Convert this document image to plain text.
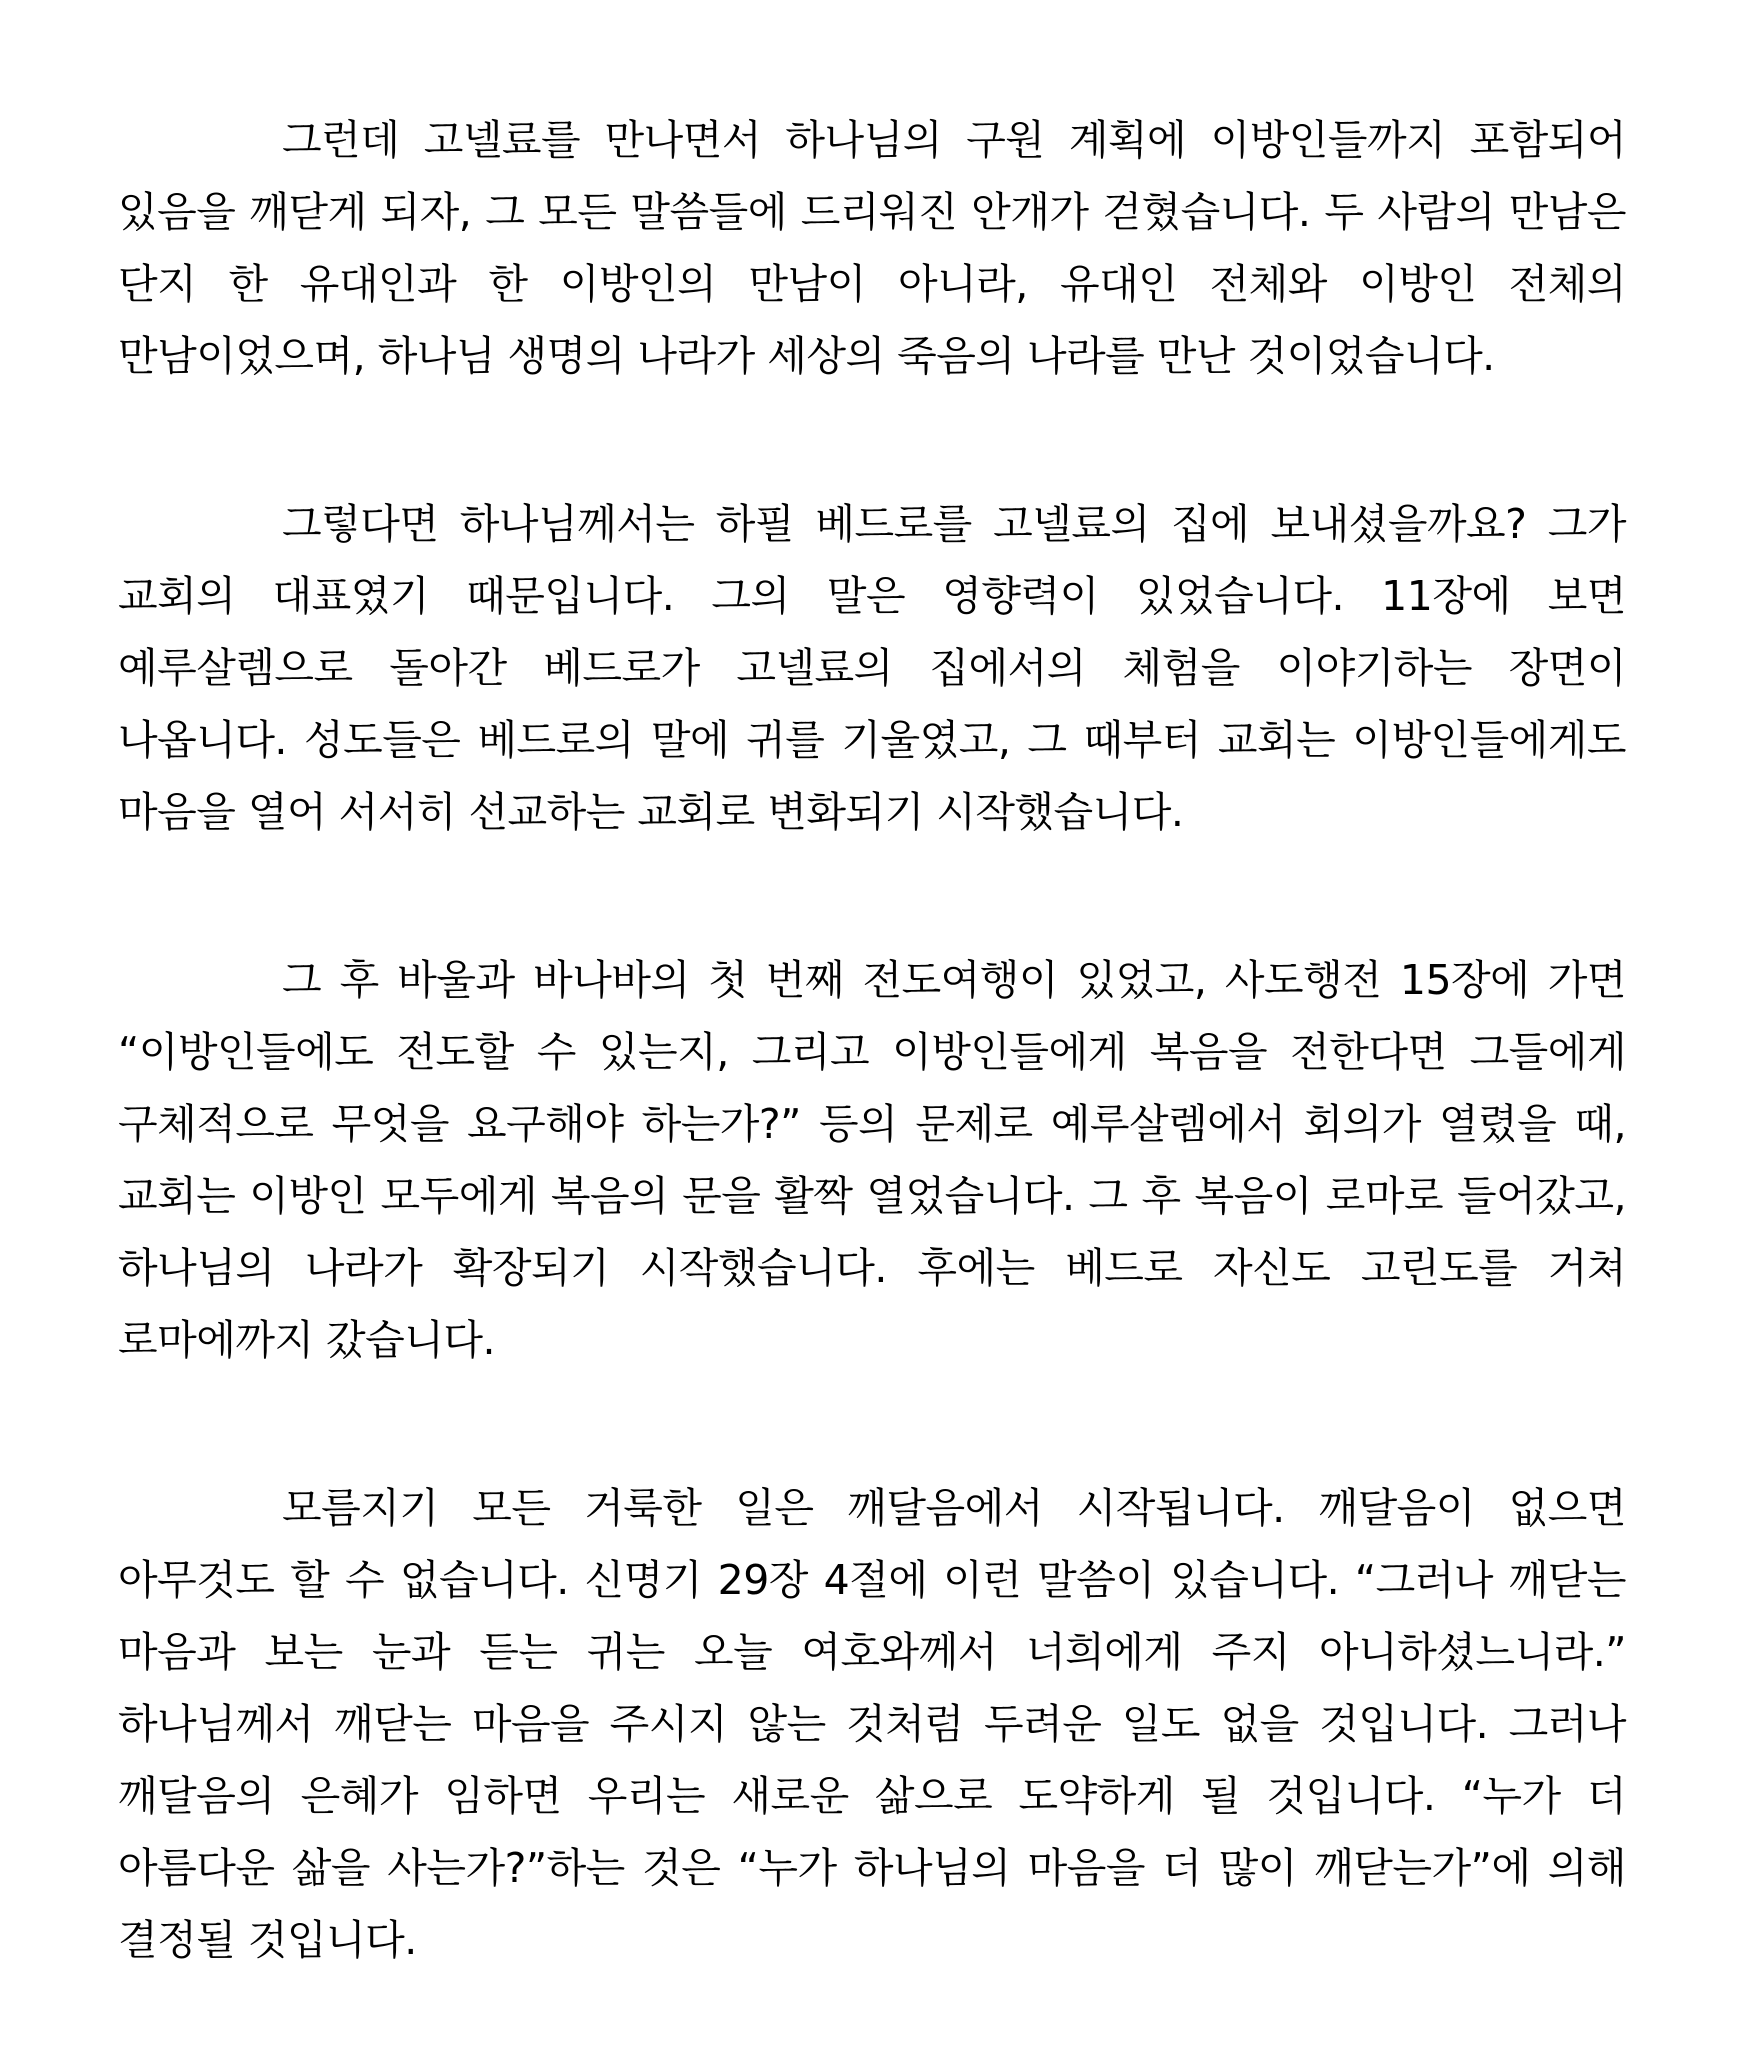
그런데 고넬료를 만나면서 하나님의 구원 계획에 이방인들까지 포함되어 있음을 깨닫게 되자, 그 모든 말씀들에 드리워진 안개가 걷혔습니다. 두 사람의 만남은 단지 한 유대인과 한 이방인의 만남이 아니라, 유대인 전체와 이방인 전체의 만남이었으며, 하나님 생명의 나라가 세상의 죽음의 나라를 만난 것이었습니다.

그렇다면 하나님께서는 하필 베드로를 고넬료의 집에 보내셨을까요? 그가 교회의 대표였기 때문입니다. 그의 말은 영향력이 있었습니다. 11장에 보면 예루살렘으로 돌아간 베드로가 고넬료의 집에서의 체험을 이야기하는 장면이 나옵니다. 성도들은 베드로의 말에 귀를 기울였고, 그 때부터 교회는 이방인들에게도 마음을 열어 서서히 선교하는 교회로 변화되기 시작했습니다.

그 후 바울과 바나바의 첫 번째 전도여행이 있었고, 사도행전 15장에 가면 “이방인들에도 전도할 수 있는지, 그리고 이방인들에게 복음을 전한다면 그들에게 구체적으로 무엇을 요구해야 하는가?” 등의 문제로 예루살렘에서 회의가 열렸을 때, 교회는 이방인 모두에게 복음의 문을 활짝 열었습니다. 그 후 복음이 로마로 들어갔고, 하나님의 나라가 확장되기 시작했습니다. 후에는 베드로 자신도 고린도를 거쳐 로마에까지 갔습니다.

모름지기 모든 거룩한 일은 깨달음에서 시작됩니다. 깨달음이 없으면 아무것도 할 수 없습니다. 신명기 29장 4절에 이런 말씀이 있습니다. “그러나 깨닫는 마음과 보는 눈과 듣는 귀는 오늘 여호와께서 너희에게 주지 아니하셨느니라.” 하나님께서 깨닫는 마음을 주시지 않는 것처럼 두려운 일도 없을 것입니다. 그러나 깨달음의 은혜가 임하면 우리는 새로운 삶으로 도약하게 될 것입니다. “누가 더 아름다운 삶을 사는가?”하는 것은 “누가 하나님의 마음을 더 많이 깨닫는가”에 의해 결정될 것입니다.
